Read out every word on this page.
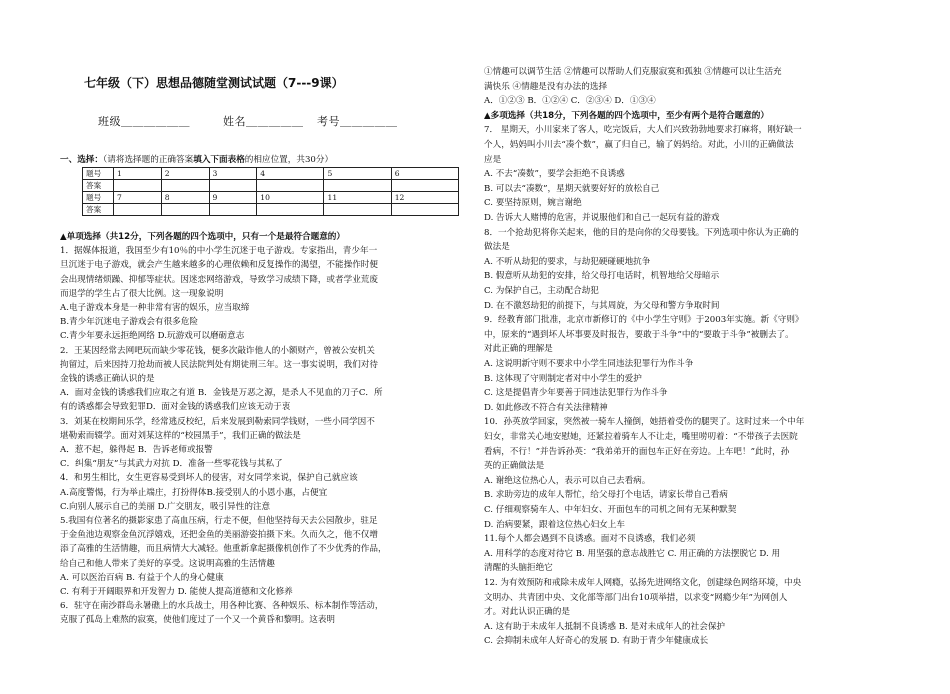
七年级（下）思想品德随堂测试试题（7---9课）
班级＿＿＿＿＿＿	姓名＿＿＿＿＿ 考号＿＿＿＿＿
一、选择：（请将选择题的正确答案填入下面表格的相应位置，共30分）
题号	1	2	3	4	5	6
答案						
题号	7	8	9	10	11	12
答案						
▲单项选择（共12分，下列各题的四个选项中，只有一个是最符合题意的）
1．据媒体报道，我国至少有10％的中小学生沉迷于电子游戏。专家指出，青少年一
旦沉迷于电子游戏，就会产生越来越多的心理依赖和反复操作的渴望，不能操作时便
会出现情绪烦躁、抑郁等症状。因迷恋网络游戏，导致学习成绩下降，或者学业荒废
而退学的学生占了很大比例。这一现象说明
A.电子游戏本身是一种非常有害的娱乐，应当取缔
B.青少年沉迷电子游戏会有很多危险
C.青少年要永远拒绝网络 D.玩游戏可以磨砺意志
2．王某因经常去网吧玩而缺少零花钱，便多次敲诈他人的小额财产，曾被公安机关
拘留过，后来因持刀抢劫而被人民法院判处有期徒刑三年。这一事实说明，我们对待
金钱的诱惑正确认识的是
A．面对金钱的诱惑我们应取之有道 B．金钱是万恶之源，是杀人不见血的刀子C．所
有的诱惑都会导致犯罪D．面对金钱的诱惑我们应该无动于衷
3．刘某在校期间乐学，经常逃反校纪，后来发展到勒索同学钱财，一些小同学因不
堪勒索而辍学。面对刘某这样的“校园黑手”，我们正确的做法是
A．惹不起，躲得起 B．告诉老师或报警
C．纠集“朋友”与其武力对抗 D．准备一些零花钱与其私了
4．和男生相比，女生更容易受到坏人的侵害，对女同学来说，保护自己就应该
A.高度警惕，行为举止端庄，打扮得体B.接受别人的小恩小惠，占便宜
C.向别人展示自己的美丽 D.广交朋友，吸引异性的注意
5.我国有位著名的摄影家患了高血压病，行走不便，但他坚持每天去公园散步，驻足
于金鱼池边观察金鱼沉浮嬉戏，还把金鱼的美丽游姿拍摄下来。久而久之，他不仅增
添了高雅的生活情趣，而且病情大大减轻。他重新拿起摄像机创作了不少优秀的作品，
给自己和他人带来了美好的享受。这说明高雅的生活情趣
A. 可以医治百病 B. 有益于个人的身心健康
C. 有利于开阔眼界和开发智力 D. 能使人提高道德和文化修养
6．驻守在南沙群岛永暑礁上的水兵战士，用各种比赛、各种娱乐、标本制作等活动，
克服了孤岛上难熬的寂寞，使他们度过了一个又一个黄昏和黎明。这表明
①情趣可以调节生活 ②情趣可以帮助人们克服寂寞和孤独 ③情趣可以让生活充
满快乐 ④情趣是没有办法的选择
A．①②③ B．①②④ C．②③④ D．①③④
▲多项选择（共18分，下列各题的四个选项中，至少有两个是符合题意的）
7． 星期天，小川家来了客人，吃完饭后，大人们兴致勃勃地要求打麻将，刚好缺一
个人，妈妈叫小川去“凑个数”，赢了归自己，输了妈妈给。对此，小川的正确做法
应是
A. 不去“凑数”，要学会拒绝不良诱惑
B. 可以去“凑数”，星期天就要好好的放松自己
C. 要坚持原则，婉言谢绝
D. 告诉大人赌博的危害，并说服他们和自己一起玩有益的游戏
8．一个抢劫犯将你关起来，他的目的是向你的父母要钱。下列选项中你认为正确的
做法是
A. 不听从劫犯的要求，与劫犯硬碰硬地抗争
B. 假意听从劫犯的安排，给父母打电话时，机智地给父母暗示
C. 为保护自己，主动配合劫犯
D. 在不激怒劫犯的前提下，与其周旋，为父母和警方争取时间
9．经教育部门批准，北京市新修订的《中小学生守则》于2003年实施。新《守则》
中，原来的“遇到坏人坏事要及时报告，要敢于斗争”中的“要敢于斗争”被删去了。
对此正确的理解是
A. 这说明新守则不要求中小学生同违法犯罪行为作斗争
B. 这体现了守则制定者对中小学生的爱护
C. 这是提倡青少年要善于同违法犯罪行为作斗争
D. 如此修改不符合有关法律精神
10．孙英放学回家，突然被一骑车人撞倒，她捂着受伤的腿哭了。这时过来一个中年
妇女，非常关心地安慰她，还紧拉着骑车人不让走，嘴里唠叨着：“不带孩子去医院
看病，不行！”并告诉孙英：“我弟弟开的面包车正好在旁边。上车吧！”此时，孙
英的正确做法是
A. 谢绝这位热心人，表示可以自己去看病。
B. 求助旁边的成年人帮忙，给父母打个电话，请家长带自己看病
C. 仔细观察骑车人、中年妇女、开面包车的司机之间有无某种默契
D. 治病要紧，跟着这位热心妇女上车
11.每个人都会遇到不良诱惑。面对不良诱惑，我们必须
A. 用科学的态度对待它 B. 用坚强的意志战胜它 C. 用正确的方法摆脱它 D. 用
清醒的头脑拒绝它
12. 为有效预防和戒除未成年人网瘾，弘扬先进网络文化，创建绿色网络环境，中央
文明办、共青团中央、文化部等部门出台10项举措，以求变“网瘾少年”为网创人
才。对此认识正确的是
A. 这有助于未成年人抵制不良诱惑 B. 是对未成年人的社会保护
C. 会抑制未成年人好奇心的发展 D. 有助于青少年健康成长
